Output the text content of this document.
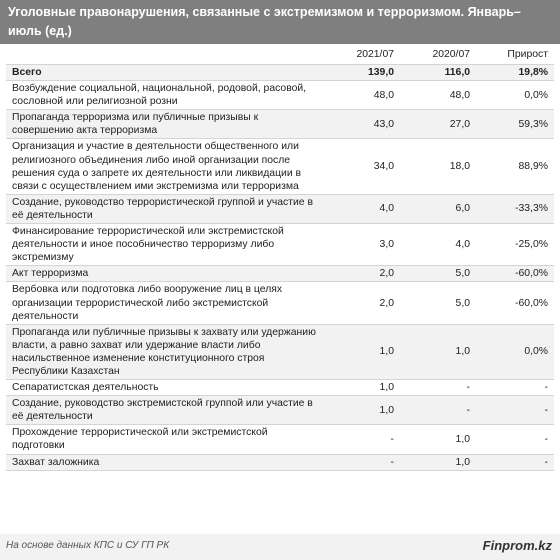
Уголовные правонарушения, связанные с экстремизмом и терроризмом. Январь–июль (ед.)
	2021/07	2020/07	Прирост
Всего	139,0	116,0	19,8%
Возбуждение социальной, национальной, родовой, расовой, сословной или религиозной розни	48,0	48,0	0,0%
Пропаганда терроризма или публичные призывы к совершению акта терроризма	43,0	27,0	59,3%
Организация и участие в деятельности общественного или религиозного объединения либо иной организации после решения суда о запрете их деятельности или ликвидации в связи с осуществлением ими экстремизма или терроризма	34,0	18,0	88,9%
Создание, руководство террористической группой и участие в её деятельности	4,0	6,0	-33,3%
Финансирование террористической или экстремистской деятельности и иное пособничество терроризму либо экстремизму	3,0	4,0	-25,0%
Акт терроризма	2,0	5,0	-60,0%
Вербовка или подготовка либо вооружение лиц в целях организации террористической либо экстремистской деятельности	2,0	5,0	-60,0%
Пропаганда или публичные призывы к захвату или удержанию власти, а равно захват или удержание власти либо насильственное изменение конституционного строя Республики Казахстан	1,0	1,0	0,0%
Сепаратистская деятельность	1,0	-	-
Создание, руководство экстремистской группой или участие в её деятельности	1,0	-	-
Прохождение террористической или экстремистской подготовки	-	1,0	-
Захват заложника	-	1,0	-
На основе данных КПС и СУ ГП РК	Finprom.kz
